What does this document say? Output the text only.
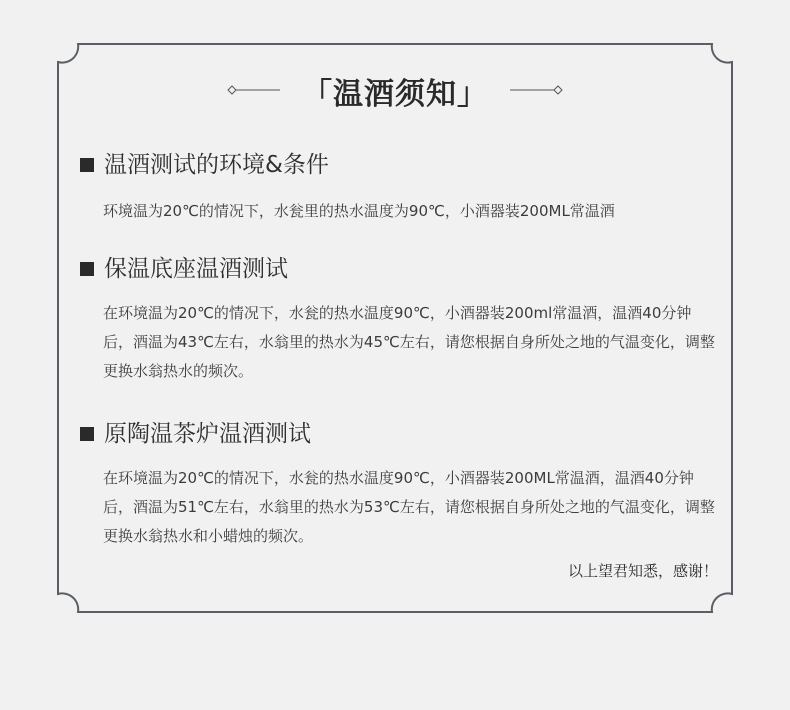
「温酒须知」
温酒测试的环境&条件
环境温为20℃的情况下，水瓮里的热水温度为90℃，小酒器装200ML常温酒
保温底座温酒测试
在环境温为20℃的情况下，水瓮的热水温度90℃，小酒器装200ml常温酒，温酒40分钟后，酒温为43℃左右，水翁里的热水为45℃左右，请您根据自身所处之地的气温变化，调整更换水翁热水的频次。
原陶温茶炉温酒测试
在环境温为20℃的情况下，水瓮的热水温度90℃，小酒器装200ML常温酒，温酒40分钟后，酒温为51℃左右，水翁里的热水为53℃左右，请您根据自身所处之地的气温变化，调整更换水翁热水和小蜡烛的频次。
以上望君知悉，感谢！
